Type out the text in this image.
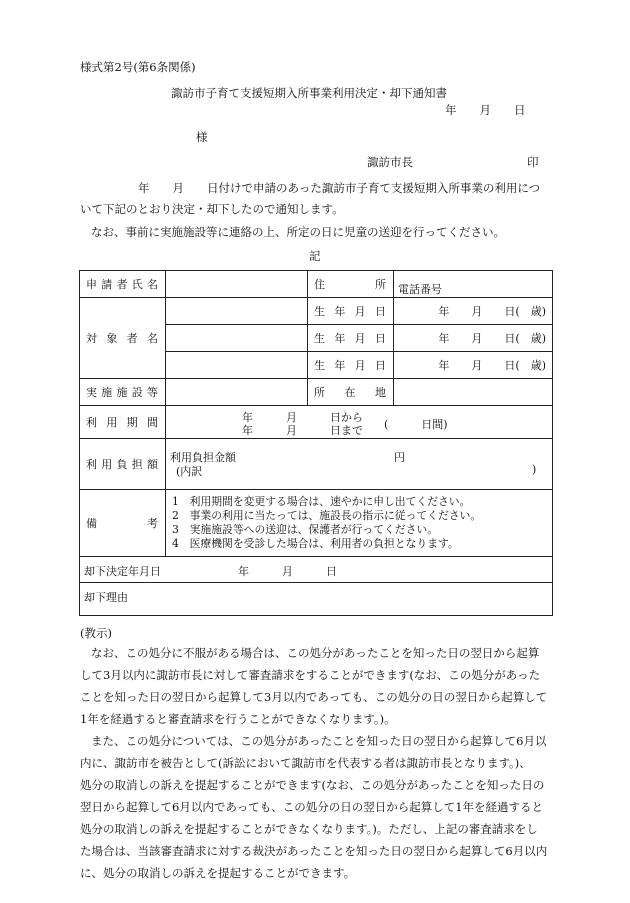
様式第2号(第6条関係)
諏訪市子育て支援短期入所事業利用決定・却下通知書
年　　月　　日
様
諏訪市長	印
年　　月　　日付けで申請のあった諏訪市子育て支援短期入所事業の利用につ
いて下記のとおり決定・却下したので通知します。
なお、事前に実施施設等に連絡の上、所定の日に児童の送迎を行ってください。
記
申請者氏名		住　　所	電話番号

対象者名		生年月日	年　　月　　日(　歳)
		生年月日	年　　月　　日(　歳)
		生年月日	年　　月　　日(　歳)
実施施設等		所在地	
利用期間	年　　　月　　　日から
年　　　月　　　日まで (　　　日間)		

利用負担額	利用負担金額 円
(内訳 )		

備考	1　利用期間を変更する場合は、速やかに申し出てください。
2　事業の利用に当たっては、施設長の指示に従ってください。
3　実施施設等への送迎は、保護者が行ってください。
4　医療機関を受診した場合は、利用者の負担となります。		

却下決定年月日 年　　　月　　　日			

却下理由			
(教示)
なお、この処分に不服がある場合は、この処分があったことを知った日の翌日から起算
して3月以内に諏訪市長に対して審査請求をすることができます(なお、この処分があった
ことを知った日の翌日から起算して3月以内であっても、この処分の日の翌日から起算して
1年を経過すると審査請求を行うことができなくなります。)。
また、この処分については、この処分があったことを知った日の翌日から起算して6月以
内に、諏訪市を被告として(訴訟において諏訪市を代表する者は諏訪市長となります。)、
処分の取消しの訴えを提起することができます(なお、この処分があったことを知った日の
翌日から起算して6月以内であっても、この処分の日の翌日から起算して1年を経過すると
処分の取消しの訴えを提起することができなくなります。)。ただし、上記の審査請求をし
た場合は、当該審査請求に対する裁決があったことを知った日の翌日から起算して6月以内
に、処分の取消しの訴えを提起することができます。
